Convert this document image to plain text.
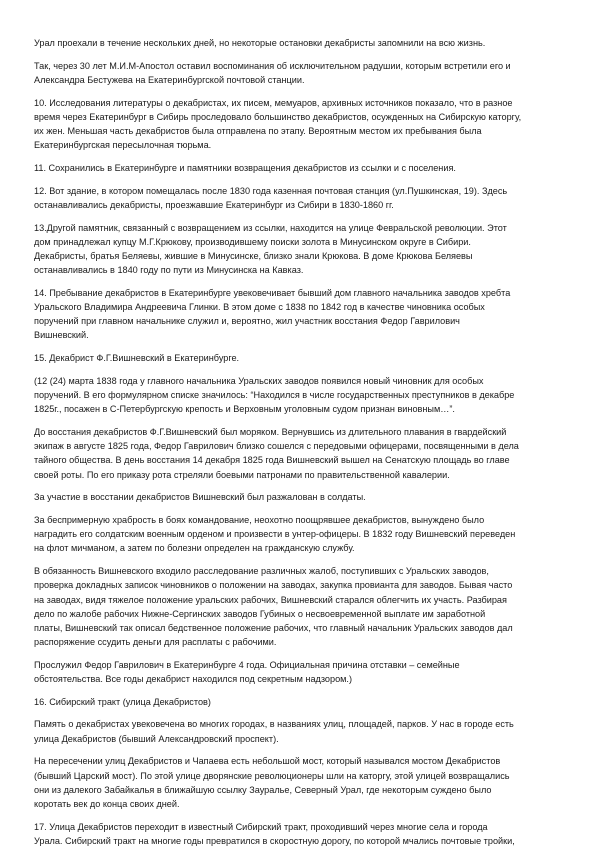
Урал проехали в течение нескольких дней, но некоторые остановки декабристы запомнили на всю жизнь.

Так, через 30 лет М.И.М-Апостол оставил воспоминания об исключительном радушии, которым встретили его и
Александра Бестужева на Екатеринбургской почтовой станции.

10. Исследования литературы о декабристах, их писем, мемуаров, архивных источников показало, что в разное
время через Екатеринбург в Сибирь проследовало большинство декабристов, осужденных на Сибирскую каторгу,
их жен. Меньшая часть декабристов была отправлена по этапу. Вероятным местом их пребывания была
Екатеринбургская пересылочная тюрьма.

11. Сохранились в Екатеринбурге и памятники возвращения декабристов из ссылки и с поселения.

12. Вот здание, в котором помещалась после 1830 года казенная почтовая станция (ул.Пушкинская, 19). Здесь
останавливались декабристы, проезжавшие Екатеринбург из Сибири в 1830-1860 гг.

13.Другой памятник, связанный с возвращением из ссылки, находится на улице Февральской революции. Этот
дом принадлежал купцу М.Г.Крюкову, производившему поиски золота в Минусинском округе в Сибири.
Декабристы, братья Беляевы, жившие в Минусинске, близко знали Крюкова. В доме Крюкова Беляевы
останавливались в 1840 году по пути из Минусинска на Кавказ.

14. Пребывание декабристов в Екатеринбурге увековечивает бывший дом главного начальника заводов хребта
Уральского Владимира Андреевича Глинки. В этом доме с 1838 по 1842 год в качестве чиновника особых
поручений при главном начальнике служил и, вероятно, жил участник восстания Федор Гаврилович
Вишневский.

15. Декабрист Ф.Г.Вишневский в Екатеринбурге.

(12 (24) марта 1838 года у главного начальника Уральских заводов появился новый чиновник для особых
поручений. В его формулярном списке значилось: “Находился в числе государственных преступников в декабре
1825г., посажен в С-Петербургскую крепость и Верховным уголовным судом признан виновным…”.

До восстания декабристов Ф.Г.Вишневский был моряком. Вернувшись из длительного плавания в гвардейский
экипаж в августе 1825 года, Федор Гаврилович близко сошелся с передовыми офицерами, посвященными в дела
тайного общества. В день восстания 14 декабря 1825 года Вишневский вышел на Сенатскую площадь во главе
своей роты. По его приказу рота стреляли боевыми патронами по правительственной кавалерии.

За участие в восстании декабристов Вишневский был разжалован в солдаты.

За беспримерную храбрость в боях командование, неохотно поощрявшее декабристов, вынуждено было
наградить его солдатским военным орденом и произвести в унтер-офицеры. В 1832 году Вишневский переведен
на флот мичманом, а затем по болезни определен на гражданскую службу.

В обязанность Вишневского входило расследование различных жалоб, поступивших с Уральских заводов,
проверка докладных записок чиновников о положении на заводах, закупка провианта для заводов. Бывая часто
на заводах, видя тяжелое положение уральских рабочих, Вишневский старался облегчить их участь. Разбирая
дело по жалобе рабочих Нижне-Сергинских заводов Губиных о несвоевременной выплате им заработной
платы, Вишневский так описал бедственное положение рабочих, что главный начальник Уральских заводов дал
распоряжение ссудить деньги для расплаты с рабочими.

Прослужил Федор Гаврилович в Екатеринбурге 4 года. Официальная причина отставки – семейные
обстоятельства. Все годы декабрист находился под секретным надзором.)

16. Сибирский тракт (улица Декабристов)

Память о декабристах увековечена во многих городах, в названиях улиц, площадей, парков. У нас в городе есть
улица Декабристов (бывший Александровский проспект).

На пересечении улиц Декабристов и Чапаева есть небольшой мост, который назывался мостом Декабристов
(бывший Царский мост). По этой улице дворянские революционеры шли на каторгу, этой улицей возвращались
они из далекого Забайкалья в ближайшую ссылку Зауралье, Северный Урал, где некоторым суждено было
коротать век до конца своих дней.

17. Улица Декабристов переходит в известный Сибирский тракт, проходивший через многие села и города
Урала. Сибирский тракт на многие годы превратился в скоростную дорогу, по которой мчались почтовые тройки,
